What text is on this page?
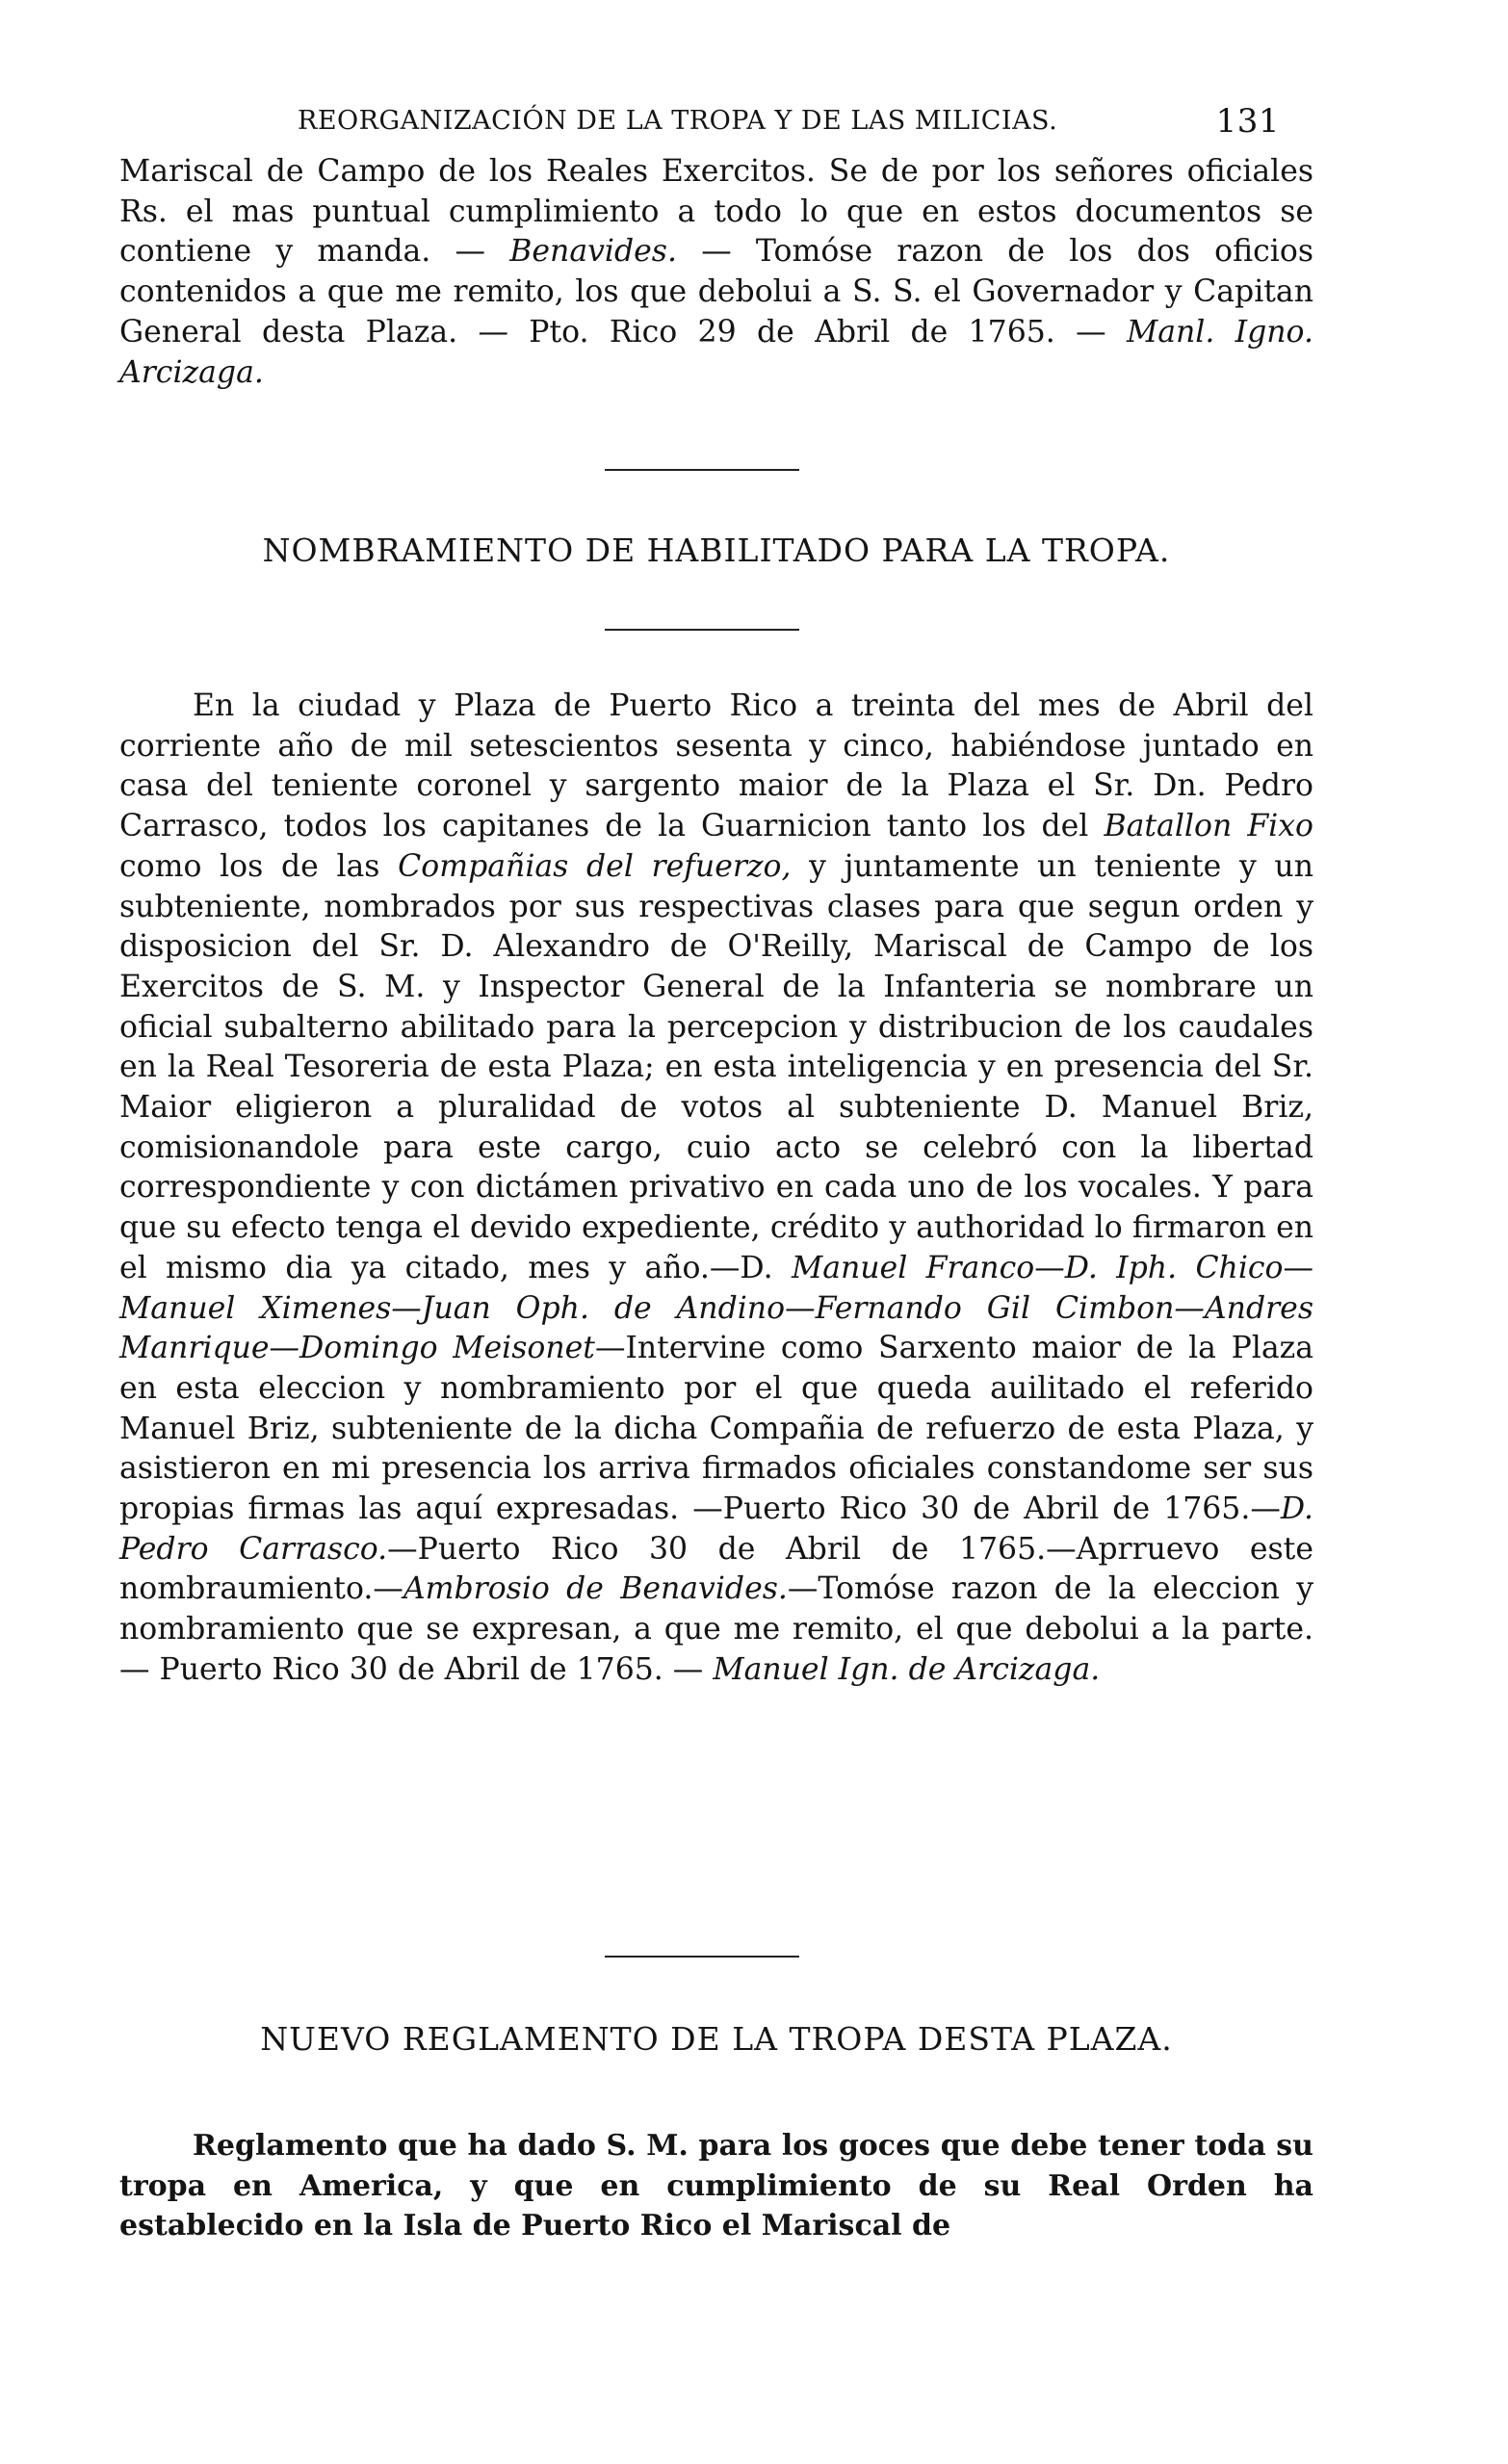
REORGANIZACIÓN DE LA TROPA Y DE LAS MILICIAS.	131
Mariscal de Campo de los Reales Exercitos. Se de por los señores oficiales Rs. el mas puntual cumplimiento a todo lo que en estos documentos se contiene y manda. — Benavides. — Tomóse razon de los dos oficios contenidos a que me remito, los que debolui a S. S. el Governador y Capitan General desta Plaza. — Pto. Rico 29 de Abril de 1765. — Manl. Igno. Arcizaga.
NOMBRAMIENTO DE HABILITADO PARA LA TROPA.
En la ciudad y Plaza de Puerto Rico a treinta del mes de Abril del corriente año de mil setescientos sesenta y cinco, habiéndose juntado en casa del teniente coronel y sargento maior de la Plaza el Sr. Dn. Pedro Carrasco, todos los capitanes de la Guarnicion tanto los del Batallon Fixo como los de las Compañias del refuerzo, y juntamente un teniente y un subteniente, nombrados por sus respectivas clases para que segun orden y disposicion del Sr. D. Alexandro de O'Reilly, Mariscal de Campo de los Exercitos de S. M. y Inspector General de la Infanteria se nombrare un oficial subalterno abilitado para la percepcion y distribucion de los caudales en la Real Tesoreria de esta Plaza; en esta inteligencia y en presencia del Sr. Maior eligieron a pluralidad de votos al subteniente D. Manuel Briz, comisionandole para este cargo, cuio acto se celebró con la libertad correspondiente y con dictámen privativo en cada uno de los vocales. Y para que su efecto tenga el devido expediente, crédito y authoridad lo firmaron en el mismo dia ya citado, mes y año.—D. Manuel Franco—D. Iph. Chico—Manuel Ximenes—Juan Oph. de Andino—Fernando Gil Cimbon—Andres Manrique—Domingo Meisonet—Intervine como Sarxento maior de la Plaza en esta eleccion y nombramiento por el que queda auilitado el referido Manuel Briz, subteniente de la dicha Compañia de refuerzo de esta Plaza, y asistieron en mi presencia los arriva firmados oficiales constandome ser sus propias firmas las aquí expresadas. —Puerto Rico 30 de Abril de 1765.—D. Pedro Carrasco.—Puerto Rico 30 de Abril de 1765.—Aprruevo este nombraumiento.—Ambrosio de Benavides.—Tomóse razon de la eleccion y nombramiento que se expresan, a que me remito, el que debolui a la parte. — Puerto Rico 30 de Abril de 1765. — Manuel Ign. de Arcizaga.
NUEVO REGLAMENTO DE LA TROPA DESTA PLAZA.
Reglamento que ha dado S. M. para los goces que debe tener toda su tropa en America, y que en cumplimiento de su Real Orden ha establecido en la Isla de Puerto Rico el Mariscal de
